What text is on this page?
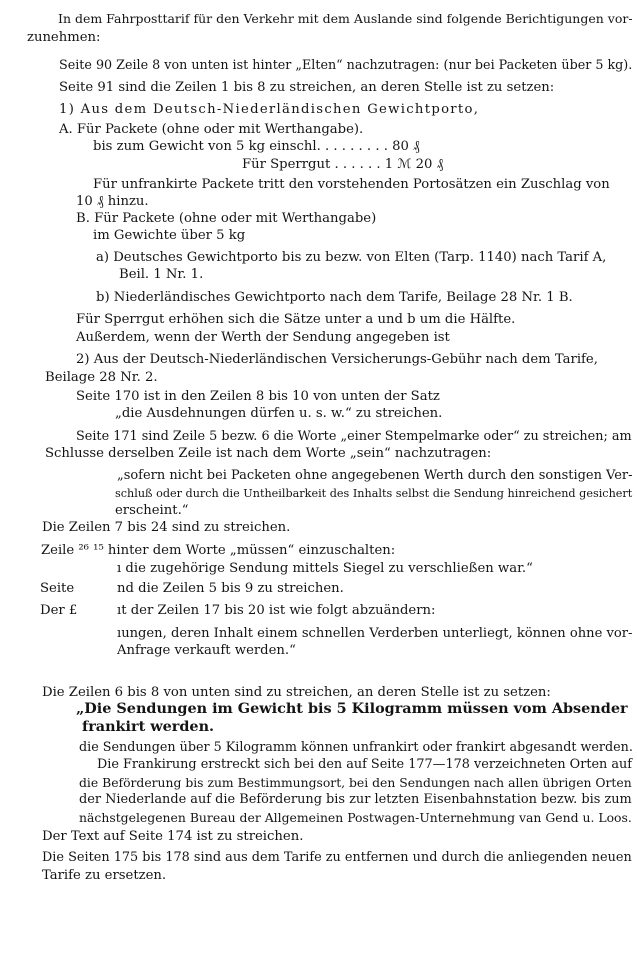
In dem Fahrposttarif für den Verkehr mit dem Auslande sind folgende Berichtigungen vor-
zunehmen:
Seite 90 Zeile 8 von unten ist hinter „Elten“ nachzutragen: (nur bei Packeten über 5 kg).
Seite 91 sind die Zeilen 1 bis 8 zu streichen, an deren Stelle ist zu setzen:
1) Aus dem Deutsch-Niederländischen Gewichtporto,
A. Für Packete (ohne oder mit Werthangabe).
bis zum Gewicht von 5 kg einschl. . . . . . . . . 80 ₰
Für Sperrgut . . . . . . 1 ℳ 20 ₰
Für unfrankirte Packete tritt den vorstehenden Portosätzen ein Zuschlag von
10 ₰ hinzu.
B. Für Packete (ohne oder mit Werthangabe)
im Gewichte über 5 kg
a) Deutsches Gewichtporto bis zu bezw. von Elten (Tarp. 1140) nach Tarif A,
Beil. 1 Nr. 1.
b) Niederländisches Gewichtporto nach dem Tarife, Beilage 28 Nr. 1 B.
Für Sperrgut erhöhen sich die Sätze unter a und b um die Hälfte.
Außerdem, wenn der Werth der Sendung angegeben ist
2) Aus der Deutsch-Niederländischen Versicherungs-Gebühr nach dem Tarife,
Beilage 28 Nr. 2.
Seite 170 ist in den Zeilen 8 bis 10 von unten der Satz
„die Ausdehnungen dürfen u. s. w.“ zu streichen.
Seite 171 sind Zeile 5 bezw. 6 die Worte „einer Stempelmarke oder“ zu streichen; am
Schlusse derselben Zeile ist nach dem Worte „sein“ nachzutragen:
„sofern nicht bei Packeten ohne angegebenen Werth durch den sonstigen Ver-
schluß oder durch die Untheilbarkeit des Inhalts selbst die Sendung hinreichend gesichert
erscheint.“
Die Zeilen 7 bis 24 sind zu streichen.
Zeile ²⁶ ¹⁵ hinter dem Worte „müssen“ einzuschalten:
ı die zugehörige Sendung mittels Siegel zu verschließen war.“
Seite	nd die Zeilen 5 bis 9 zu streichen.
Der £	ıt der Zeilen 17 bis 20 ist wie folgt abzuändern:
ıungen, deren Inhalt einem schnellen Verderben unterliegt, können ohne vor-
Anfrage verkauft werden.“
Die Zeilen 6 bis 8 von unten sind zu streichen, an deren Stelle ist zu setzen:
„Die Sendungen im Gewicht bis 5 Kilogramm müssen vom Absender
frankirt werden.
die Sendungen über 5 Kilogramm können unfrankirt oder frankirt abgesandt werden.
Die Frankirung erstreckt sich bei den auf Seite 177—178 verzeichneten Orten auf
die Beförderung bis zum Bestimmungsort, bei den Sendungen nach allen übrigen Orten
der Niederlande auf die Beförderung bis zur letzten Eisenbahnstation bezw. bis zum
nächstgelegenen Bureau der Allgemeinen Postwagen-Unternehmung van Gend u. Loos.
Der Text auf Seite 174 ist zu streichen.
Die Seiten 175 bis 178 sind aus dem Tarife zu entfernen und durch die anliegenden neuen
Tarife zu ersetzen.
